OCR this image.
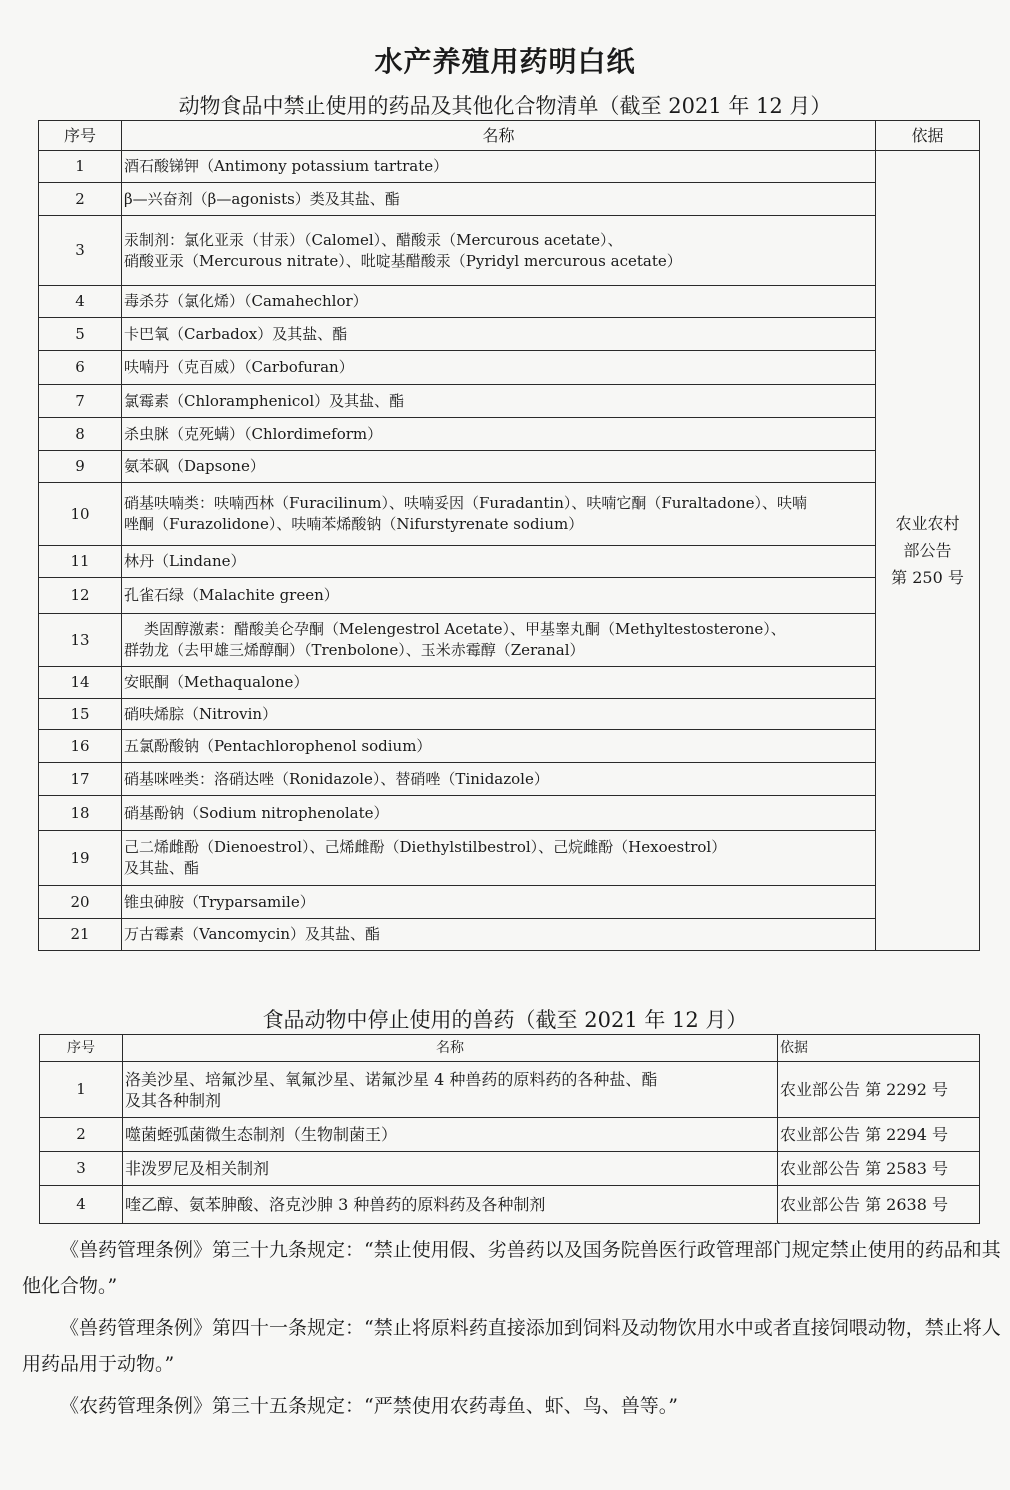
水产养殖用药明白纸
动物食品中禁止使用的药品及其他化合物清单（截至 2021 年 12 月）
序号	名称	依据
1	酒石酸锑钾（Antimony potassium tartrate）	农业农村
部公告
第 250 号

2	β—兴奋剂（β—agonists）类及其盐、酯	

3	汞制剂：氯化亚汞（甘汞）（Calomel）、醋酸汞（Mercurous acetate）、
硝酸亚汞（Mercurous nitrate）、吡啶基醋酸汞（Pyridyl mercurous acetate）	

4	毒杀芬（氯化烯）（Camahechlor）	

5	卡巴氧（Carbadox）及其盐、酯	

6	呋喃丹（克百威）（Carbofuran）	

7	氯霉素（Chloramphenicol）及其盐、酯	

8	杀虫脒（克死螨）（Chlordimeform）	

9	氨苯砜（Dapsone）	

10	硝基呋喃类：呋喃西林（Furacilinum）、呋喃妥因（Furadantin）、呋喃它酮（Furaltadone）、呋喃
唑酮（Furazolidone）、呋喃苯烯酸钠（Nifurstyrenate sodium）	

11	林丹（Lindane）	

12	孔雀石绿（Malachite green）	

13	类固醇激素：醋酸美仑孕酮（Melengestrol Acetate）、甲基睾丸酮（Methyltestosterone）、
群勃龙（去甲雄三烯醇酮）（Trenbolone）、玉米赤霉醇（Zeranal）	

14	安眠酮（Methaqualone）	

15	硝呋烯腙（Nitrovin）	

16	五氯酚酸钠（Pentachlorophenol sodium）	

17	硝基咪唑类：洛硝达唑（Ronidazole）、替硝唑（Tinidazole）	

18	硝基酚钠（Sodium nitrophenolate）	

19	己二烯雌酚（Dienoestrol）、己烯雌酚（Diethylstilbestrol）、己烷雌酚（Hexoestrol）
及其盐、酯	

20	锥虫砷胺（Tryparsamile）	

21	万古霉素（Vancomycin）及其盐、酯	
食品动物中停止使用的兽药（截至 2021 年 12 月）
序号	名称	依据
1	洛美沙星、培氟沙星、氧氟沙星、诺氟沙星 4 种兽药的原料药的各种盐、酯
及其各种制剂	农业部公告 第 2292 号
2	噬菌蛭弧菌微生态制剂（生物制菌王）	农业部公告 第 2294 号
3	非泼罗尼及相关制剂	农业部公告 第 2583 号
4	喹乙醇、氨苯胂酸、洛克沙胂 3 种兽药的原料药及各种制剂	农业部公告 第 2638 号
《兽药管理条例》第三十九条规定：“禁止使用假、劣兽药以及国务院兽医行政管理部门规定禁止使用的药品和其他化合物。”
《兽药管理条例》第四十一条规定：“禁止将原料药直接添加到饲料及动物饮用水中或者直接饲喂动物，禁止将人用药品用于动物。”
《农药管理条例》第三十五条规定：“严禁使用农药毒鱼、虾、鸟、兽等。”
